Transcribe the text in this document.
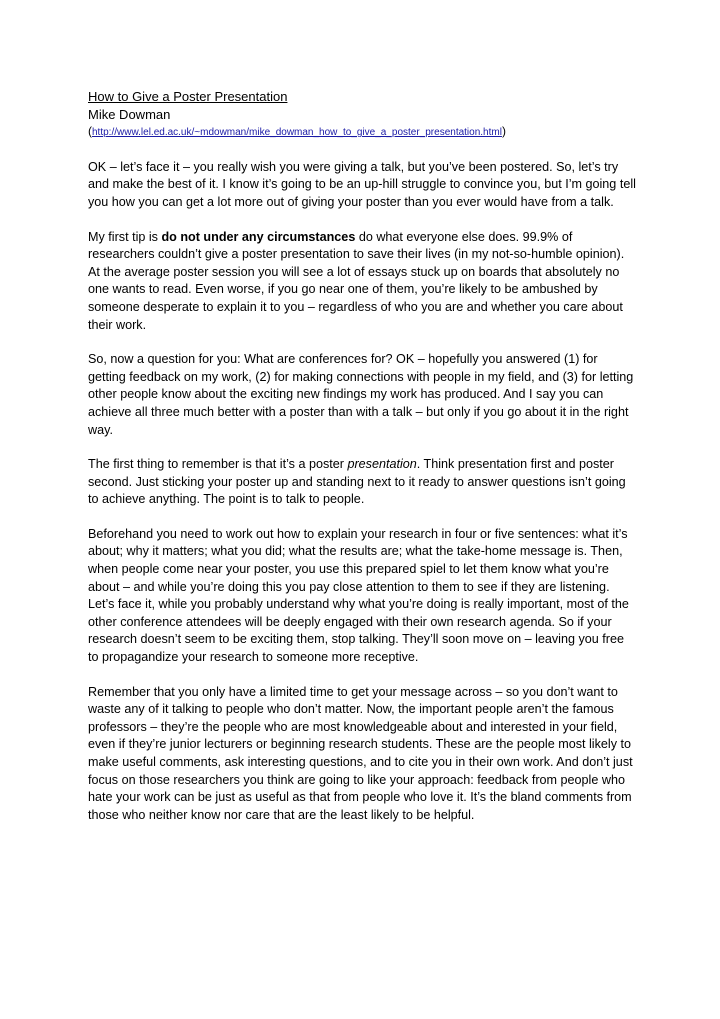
How to Give a Poster Presentation

Mike Dowman

(http://www.lel.ed.ac.uk/~mdowman/mike_dowman_how_to_give_a_poster_presentation.html)

OK – let’s face it – you really wish you were giving a talk, but you’ve been postered. So, let’s try and make the best of it. I know it’s going to be an up-hill struggle to convince you, but I’m going tell you how you can get a lot more out of giving your poster than you ever would have from a talk.

My first tip is do not under any circumstances do what everyone else does. 99.9% of researchers couldn’t give a poster presentation to save their lives (in my not-so-humble opinion). At the average poster session you will see a lot of essays stuck up on boards that absolutely no one wants to read. Even worse, if you go near one of them, you’re likely to be ambushed by someone desperate to explain it to you – regardless of who you are and whether you care about their work.

So, now a question for you: What are conferences for? OK – hopefully you answered (1) for getting feedback on my work, (2) for making connections with people in my field, and (3) for letting other people know about the exciting new findings my work has produced. And I say you can achieve all three much better with a poster than with a talk – but only if you go about it in the right way.

The first thing to remember is that it’s a poster presentation. Think presentation first and poster second. Just sticking your poster up and standing next to it ready to answer questions isn’t going to achieve anything. The point is to talk to people.

Beforehand you need to work out how to explain your research in four or five sentences: what it’s about; why it matters; what you did; what the results are; what the take-home message is. Then, when people come near your poster, you use this prepared spiel to let them know what you’re about – and while you’re doing this you pay close attention to them to see if they are listening. Let’s face it, while you probably understand why what you’re doing is really important, most of the other conference attendees will be deeply engaged with their own research agenda. So if your research doesn’t seem to be exciting them, stop talking. They’ll soon move on – leaving you free to propagandize your research to someone more receptive.

Remember that you only have a limited time to get your message across – so you don’t want to waste any of it talking to people who don’t matter. Now, the important people aren’t the famous professors – they’re the people who are most knowledgeable about and interested in your field, even if they’re junior lecturers or beginning research students. These are the people most likely to make useful comments, ask interesting questions, and to cite you in their own work. And don’t just focus on those researchers you think are going to like your approach: feedback from people who hate your work can be just as useful as that from people who love it. It’s the bland comments from those who neither know nor care that are the least likely to be helpful.
